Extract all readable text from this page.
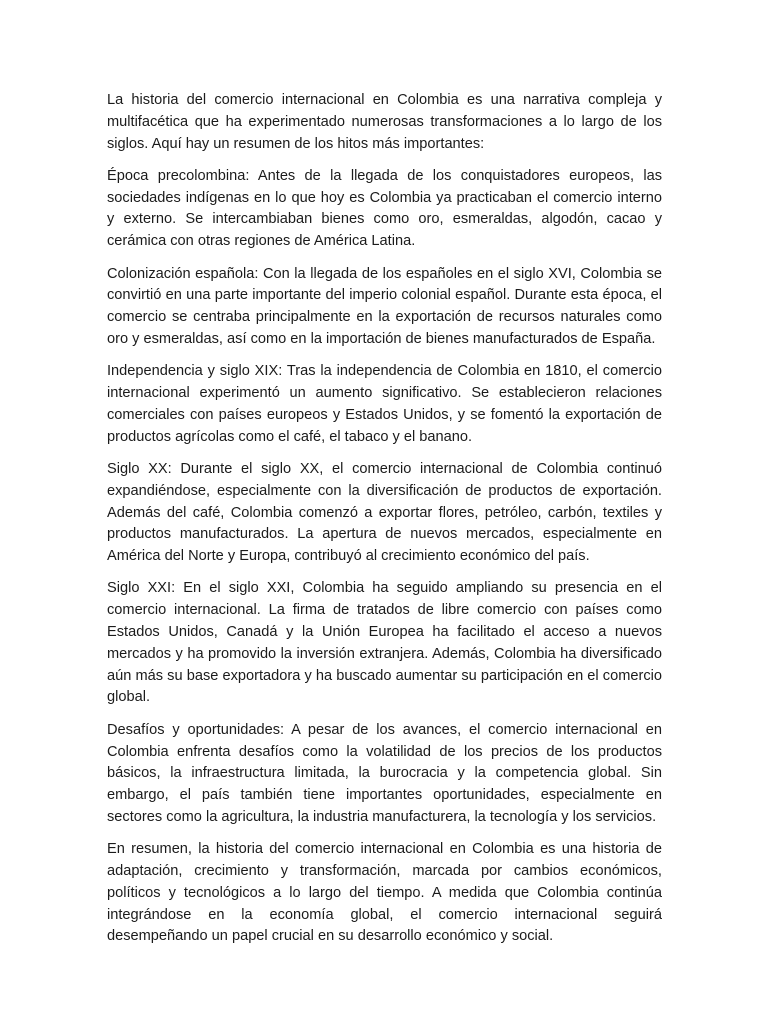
La historia del comercio internacional en Colombia es una narrativa compleja y multifacética que ha experimentado numerosas transformaciones a lo largo de los siglos. Aquí hay un resumen de los hitos más importantes:

Época precolombina: Antes de la llegada de los conquistadores europeos, las sociedades indígenas en lo que hoy es Colombia ya practicaban el comercio interno y externo. Se intercambiaban bienes como oro, esmeraldas, algodón, cacao y cerámica con otras regiones de América Latina.

Colonización española: Con la llegada de los españoles en el siglo XVI, Colombia se convirtió en una parte importante del imperio colonial español. Durante esta época, el comercio se centraba principalmente en la exportación de recursos naturales como oro y esmeraldas, así como en la importación de bienes manufacturados de España.

Independencia y siglo XIX: Tras la independencia de Colombia en 1810, el comercio internacional experimentó un aumento significativo. Se establecieron relaciones comerciales con países europeos y Estados Unidos, y se fomentó la exportación de productos agrícolas como el café, el tabaco y el banano.

Siglo XX: Durante el siglo XX, el comercio internacional de Colombia continuó expandiéndose, especialmente con la diversificación de productos de exportación. Además del café, Colombia comenzó a exportar flores, petróleo, carbón, textiles y productos manufacturados. La apertura de nuevos mercados, especialmente en América del Norte y Europa, contribuyó al crecimiento económico del país.

Siglo XXI: En el siglo XXI, Colombia ha seguido ampliando su presencia en el comercio internacional. La firma de tratados de libre comercio con países como Estados Unidos, Canadá y la Unión Europea ha facilitado el acceso a nuevos mercados y ha promovido la inversión extranjera. Además, Colombia ha diversificado aún más su base exportadora y ha buscado aumentar su participación en el comercio global.

Desafíos y oportunidades: A pesar de los avances, el comercio internacional en Colombia enfrenta desafíos como la volatilidad de los precios de los productos básicos, la infraestructura limitada, la burocracia y la competencia global. Sin embargo, el país también tiene importantes oportunidades, especialmente en sectores como la agricultura, la industria manufacturera, la tecnología y los servicios.

En resumen, la historia del comercio internacional en Colombia es una historia de adaptación, crecimiento y transformación, marcada por cambios económicos, políticos y tecnológicos a lo largo del tiempo. A medida que Colombia continúa integrándose en la economía global, el comercio internacional seguirá desempeñando un papel crucial en su desarrollo económico y social.
